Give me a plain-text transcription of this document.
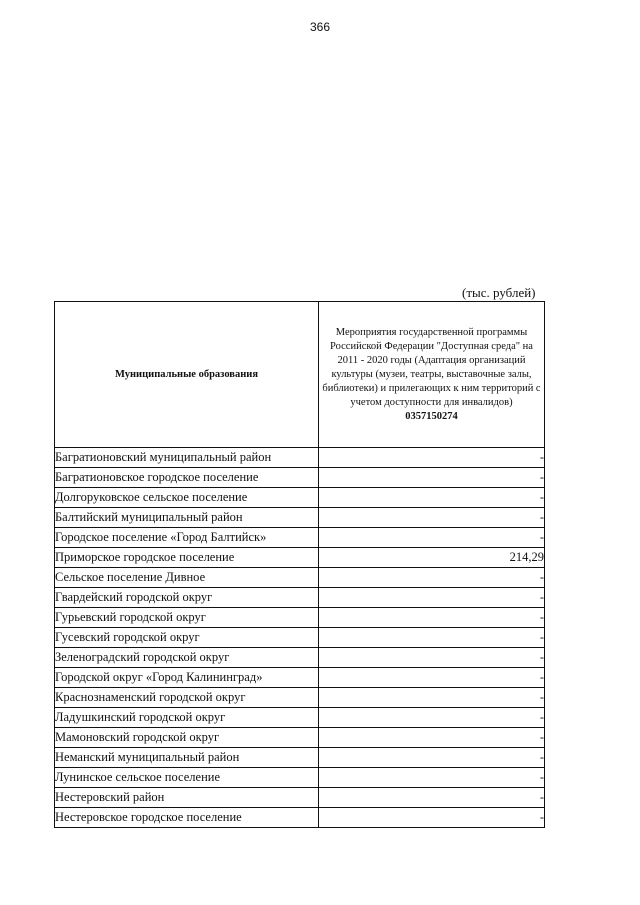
366
(тыс. рублей)
Муниципальные образования	Мероприятия государственной программы Российской Федерации "Доступная среда" на 2011 - 2020 годы (Адаптация организаций культуры (музеи, театры, выставочные залы, библиотеки) и прилегающих к ним территорий с учетом доступности для инвалидов)
0357150274

Багратионовский муниципальный район	-
Багратионовское городское поселение	-
Долгоруковское сельское поселение	-
Балтийский муниципальный район	-
Городское поселение «Город Балтийск»	-
Приморское городское поселение	214,29
Сельское поселение Дивное	-
Гвардейский городской округ	-
Гурьевский городской округ	-
Гусевский городской округ	-
Зеленоградский городской округ	-
Городской округ «Город Калининград»	-
Краснознаменский городской округ	-
Ладушкинский городской округ	-
Мамоновский городской округ	-
Неманский муниципальный район	-
Лунинское сельское поселение	-
Нестеровский район	-
Нестеровское городское поселение	-
